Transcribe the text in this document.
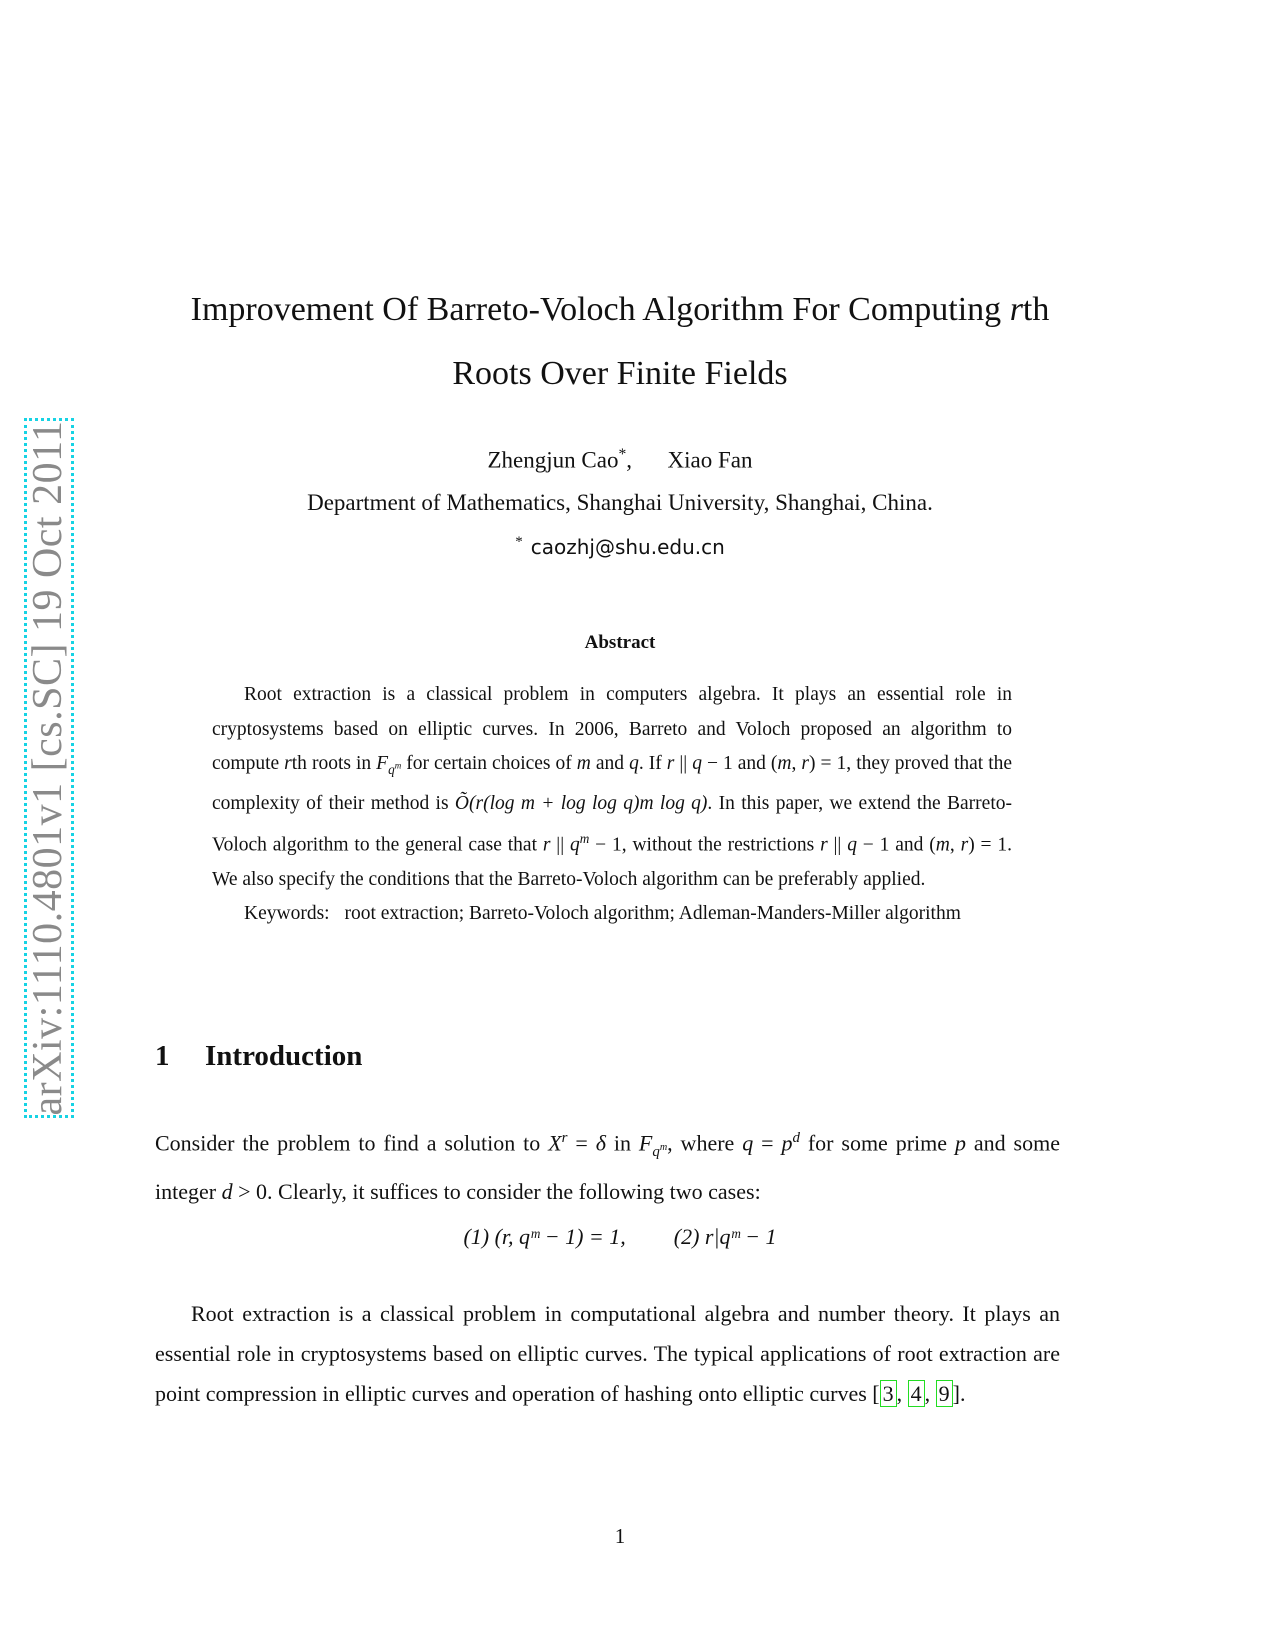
arXiv:1110.4801v1 [cs.SC] 19 Oct 2011
Improvement Of Barreto-Voloch Algorithm For Computing rth
Roots Over Finite Fields
Zhengjun Cao*,  Xiao Fan
Department of Mathematics, Shanghai University, Shanghai, China.
* caozhj@shu.edu.cn
Abstract

Root extraction is a classical problem in computers algebra. It plays an essential role in cryptosystems based on elliptic curves. In 2006, Barreto and Voloch proposed an algorithm to compute rth roots in $F_{q^m}$ for certain choices of m and q. If r || q − 1 and (m, r) = 1, they proved that the complexity of their method is Õ(r(log m + log log q)m log q). In this paper, we extend the Barreto-Voloch algorithm to the general case that r || $q^m - 1$, without the restrictions r || q − 1 and (m, r) = 1. We also specify the conditions that the Barreto-Voloch algorithm can be preferably applied.

Keywords: root extraction; Barreto-Voloch algorithm; Adleman-Manders-Miller algorithm

1 Introduction

Consider the problem to find a solution to $X^r = \delta$ in $F_{q^m}$, where $q = p^d$ for some prime p and some integer d > 0. Clearly, it suffices to consider the following two cases:

(1) (r, qᵐ − 1) = 1, (2) r|qᵐ − 1

Root extraction is a classical problem in computational algebra and number theory. It plays an essential role in cryptosystems based on elliptic curves. The typical applications of root extraction are point compression in elliptic curves and operation of hashing onto elliptic curves [ 3 , 4 , 9 ].

1
